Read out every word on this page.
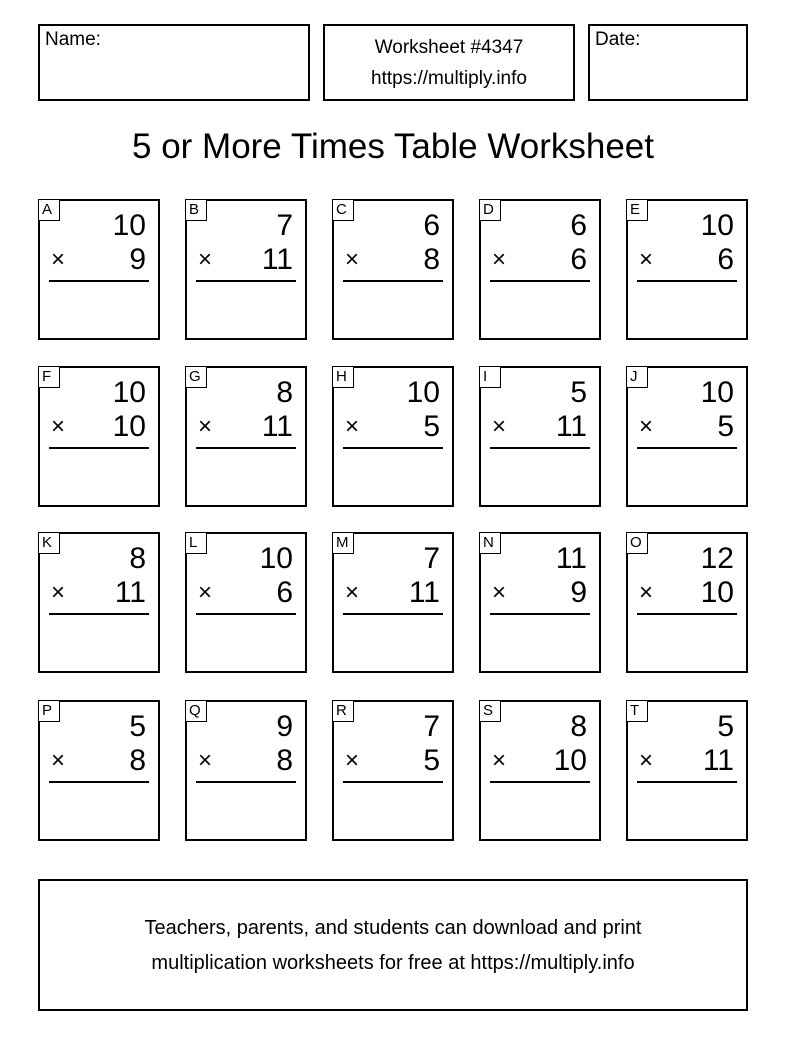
Name:	Worksheet #4347
https://multiply.info
Date:
5 or More Times Table Worksheet
A 10
× 9
B	7
× 11
C	6
× 8
D	6
× 6
E 10
× 6
F 10
× 10
G	8
× 11
H 10
× 5
I	5
× 11
J	10
× 5
K	8
× 11
L	10
× 6
M 7
× 11
N 11
× 9
O 12
× 10
P	5
× 8
Q	9
× 8
R	7
× 5
S	8
× 10
T	5
× 11
Teachers, parents, and students can download and print
multiplication worksheets for free at https://multiply.info
